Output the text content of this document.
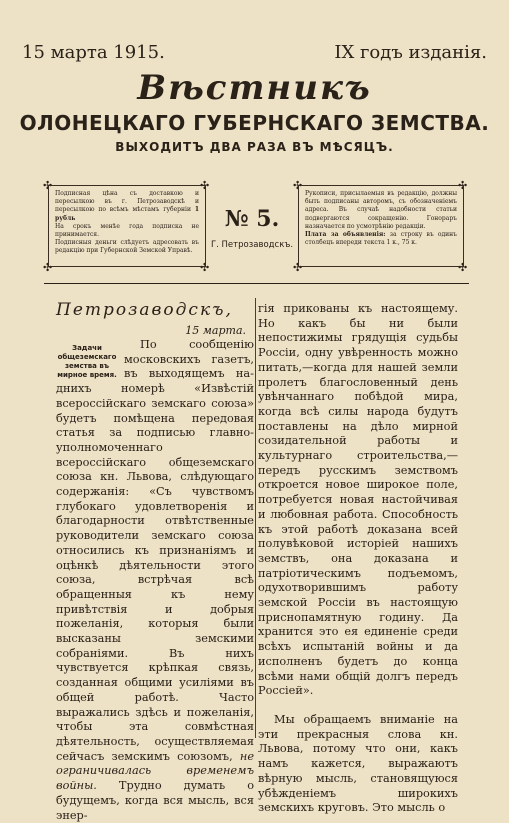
15 марта 1915.	IX годъ изданія.
Вѣстникъ
ОЛОНЕЦКАГО ГУБЕРНСКАГО ЗЕМСТВА.
ВЫХОДИТЪ ДВА РАЗА ВЪ МѢСЯЦЪ.
✣	✣
✣	✣
✣	✣
✣	✣

Подписная цѣна съ доставкою и пересылкою въ г. Петрозаводскѣ и пересылкою по всѣмъ мѣстамъ губерніи 1 рубль

На срокъ менѣе года подписка не принимается.

Подписныя деньги слѣдуетъ адресовать въ редакцію при Губернской Земской Управѣ.

№ 5.
Г. Петрозаводскъ.

Рукописи, присылаемыя въ редакцію, должны быть подписаны авторомъ, съ обозначеніемъ адреса. Въ случаѣ надобности статьи подвергаются сокращенію. Гонораръ назначается по усмотрѣнію редакціи.

Плата за объявленія: за строку въ одинъ столбецъ впереди текста 1 к., 75 к.

Петрозаводскъ,
15 марта.
Задачи общеземскаго земства въ мирное время.

По сообщенію московскихъ газетъ, въ выходящемъ на-днихъ номерѣ «Извѣстій всероссійскаго земскаго союза» будетъ помѣщена передовая статья за подписью главно-уполномоченнаго всероссійскаго общеземскаго союза кн. Львова, слѣдующаго содержанія: «Съ чувствомъ глубокаго удовлетворенія и благодарности отвѣтственные руководители земскаго союза относились къ признаніямъ и оцѣнкѣ дѣятельности этого союза, встрѣчая всѣ обращенныя къ нему привѣтствія и добрыя пожеланія, которыя были высказаны земскими собраніями. Въ нихъ чувствуется крѣпкая связь, созданная общими усиліями въ общей работѣ. Часто выражались здѣсь и пожеланія, чтобы эта совмѣстная дѣятельность, осуществляемая сейчасъ земскимъ союзомъ, не ограничивалась временемъ войны. Трудно думать о будущемъ, когда вся мысль, вся энер-

гія прикованы къ настоящему. Но какъ бы ни были непостижимы грядущія судьбы Россіи, одну увѣренность можно питать,—когда для нашей земли пролетъ благословенный день увѣнчаннаго побѣдой мира, когда всѣ силы народа будутъ поставлены на дѣло мирной созидательной работы и культурнаго строительства,—передъ русскимъ земствомъ откроется новое широкое поле, потребуется новая настойчивая и любовная работа. Способность къ этой работѣ доказана всей полувѣковой исторіей нашихъ земствъ, она доказана и патріотическимъ подъемомъ, одухотворившимъ работу земской Россіи въ настоящую приснопамятную годину. Да хранится это ея единеніе среди всѣхъ испытаній войны и да исполненъ будетъ до конца всѣми нами общій долгъ передъ Россіей».

Мы обращаемъ вниманіе на эти прекрасныя слова кн. Львова, потому что они, какъ намъ кажется, выражаютъ вѣрную мысль, становящуюся убѣжденіемъ широкихъ земскихъ круговъ. Это мысль о
